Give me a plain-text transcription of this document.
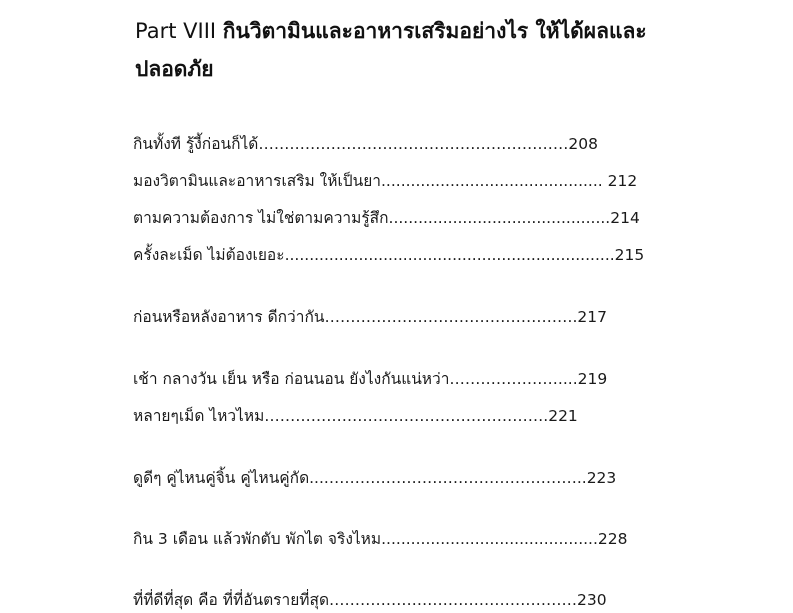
Part VIII กินวิตามินและอาหารเสริมอย่างไร ให้ได้ผลและปลอดภัย
กินทั้งที รู้งี้ก่อนก็ได้……………………………………………………208
มองวิตามินและอาหารเสริม ให้เป็นยา............................................. 212
ตามความต้องการ ไม่ใช่ตามความรู้สึก.............................................214
ครั้งละเม็ด ไม่ต้องเยอะ...................................................................215
ก่อนหรือหลังอาหาร ดีกว่ากัน………………………………………….217
เช้า กลางวัน เย็น หรือ ก่อนนอน ยังไงกันแน่หว่า…………………....219
หลายๆเม็ด ไหวไหม……………………………………………….221
ดูดีๆ คู่ไหนคู่จิ้น คู่ไหนคู่กัด....…………………………………………..223
กิน 3 เดือน แล้วพักตับ พักไต จริงไหม............................................228
ที่ที่ดีที่สุด คือ ที่ที่อันตรายที่สุด…………………………………………230
